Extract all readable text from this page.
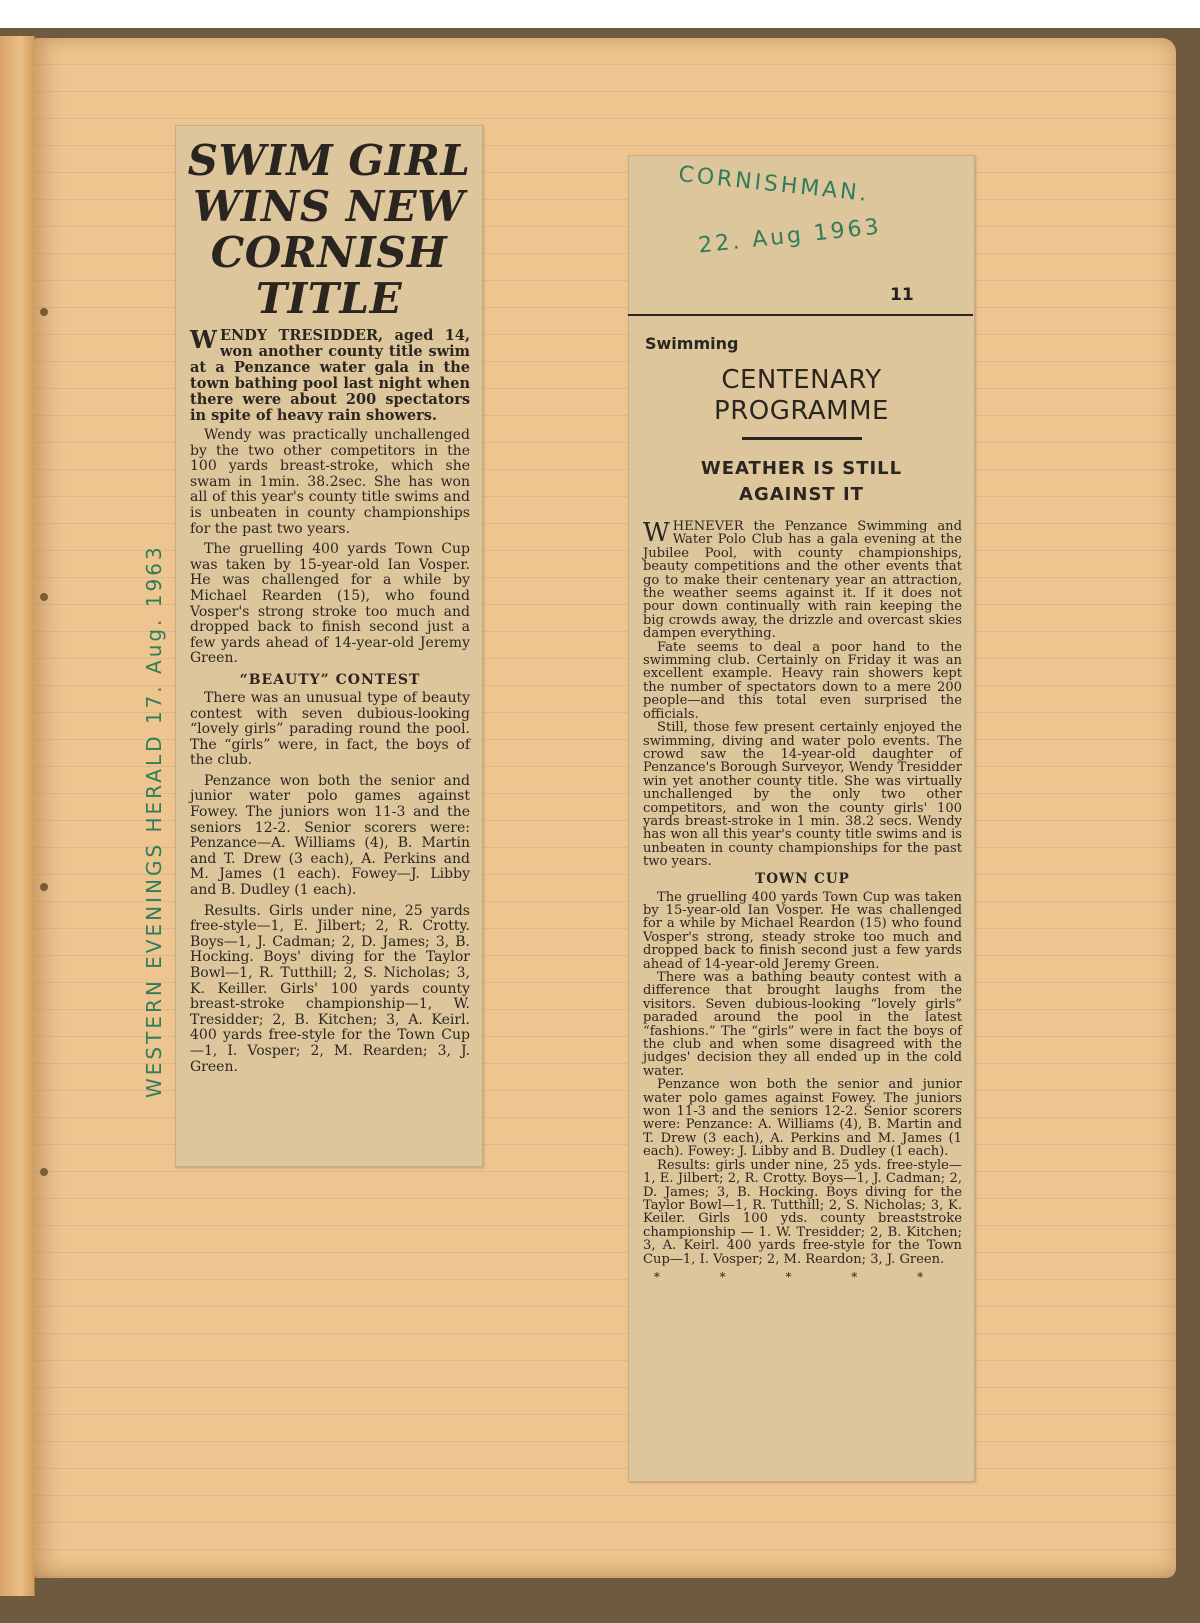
WESTERN EVENINGS HERALD 17. Aug. 1963
SWIM GIRL
WINS NEW
CORNISH
TITLE
WENDY TRESIDDER, aged 14, won another county title swim at a Penzance water gala in the town bathing pool last night when there were about 200 spectators in spite of heavy rain showers.

Wendy was practically unchallenged by the two other competitors in the 100 yards breast-stroke, which she swam in 1min. 38.2sec. She has won all of this year's county title swims and is unbeaten in county championships for the past two years.

The gruelling 400 yards Town Cup was taken by 15-year-old Ian Vosper. He was challenged for a while by Michael Rearden (15), who found Vosper's strong stroke too much and dropped back to finish second just a few yards ahead of 14-year-old Jeremy Green.

“BEAUTY” CONTEST

There was an unusual type of beauty contest with seven dubious-looking “lovely girls” parading round the pool. The “girls” were, in fact, the boys of the club.

Penzance won both the senior and junior water polo games against Fowey. The juniors won 11-3 and the seniors 12-2. Senior scorers were: Penzance—A. Williams (4), B. Martin and T. Drew (3 each), A. Perkins and M. James (1 each). Fowey—J. Libby and B. Dudley (1 each).

Results. Girls under nine, 25 yards free-style—1, E. Jilbert; 2, R. Crotty. Boys—1, J. Cadman; 2, D. James; 3, B. Hocking. Boys' diving for the Taylor Bowl—1, R. Tutthill; 2, S. Nicholas; 3, K. Keiller. Girls' 100 yards county breast-stroke championship—1, W. Tresidder; 2, B. Kitchen; 3, A. Keirl. 400 yards free-style for the Town Cup—1, I. Vosper; 2, M. Rearden; 3, J. Green.

Swimming
CENTENARY
PROGRAMME
WEATHER IS STILL
AGAINST IT

WHENEVER the Penzance Swimming and Water Polo Club has a gala evening at the Jubilee Pool, with county championships, beauty competitions and the other events that go to make their centenary year an attraction, the weather seems against it. If it does not pour down continually with rain keeping the big crowds away, the drizzle and overcast skies dampen everything.

Fate seems to deal a poor hand to the swimming club. Certainly on Friday it was an excellent example. Heavy rain showers kept the number of spectators down to a mere 200 people—and this total even surprised the officials.

Still, those few present certainly enjoyed the swimming, diving and water polo events. The crowd saw the 14-year-old daughter of Penzance's Borough Surveyor, Wendy Tresidder win yet another county title. She was virtually unchallenged by the only two other competitors, and won the county girls' 100 yards breast-stroke in 1 min. 38.2 secs. Wendy has won all this year's county title swims and is unbeaten in county championships for the past two years.

TOWN CUP

The gruelling 400 yards Town Cup was taken by 15-year-old Ian Vosper. He was challenged for a while by Michael Reardon (15) who found Vosper's strong, steady stroke too much and dropped back to finish second just a few yards ahead of 14-year-old Jeremy Green.

There was a bathing beauty contest with a difference that brought laughs from the visitors. Seven dubious-looking “lovely girls” paraded around the pool in the latest “fashions.” The “girls” were in fact the boys of the club and when some disagreed with the judges' decision they all ended up in the cold water.

Penzance won both the senior and junior water polo games against Fowey. The juniors won 11-3 and the seniors 12-2. Senior scorers were: Penzance: A. Williams (4), B. Martin and T. Drew (3 each), A. Perkins and M. James (1 each). Fowey: J. Libby and B. Dudley (1 each).

Results: girls under nine, 25 yds. free-style—1, E. Jilbert; 2, R. Crotty. Boys—1, J. Cadman; 2, D. James; 3, B. Hocking. Boys diving for the Taylor Bowl—1, R. Tutthill; 2, S. Nicholas; 3, K. Keiler. Girls 100 yds. county breaststroke championship — 1. W. Tresidder; 2, B. Kitchen; 3, A. Keirl. 400 yards free-style for the Town Cup—1, I. Vosper; 2, M. Reardon; 3, J. Green.

* * * * *
CORNISHMAN.
22. Aug 1963
11
